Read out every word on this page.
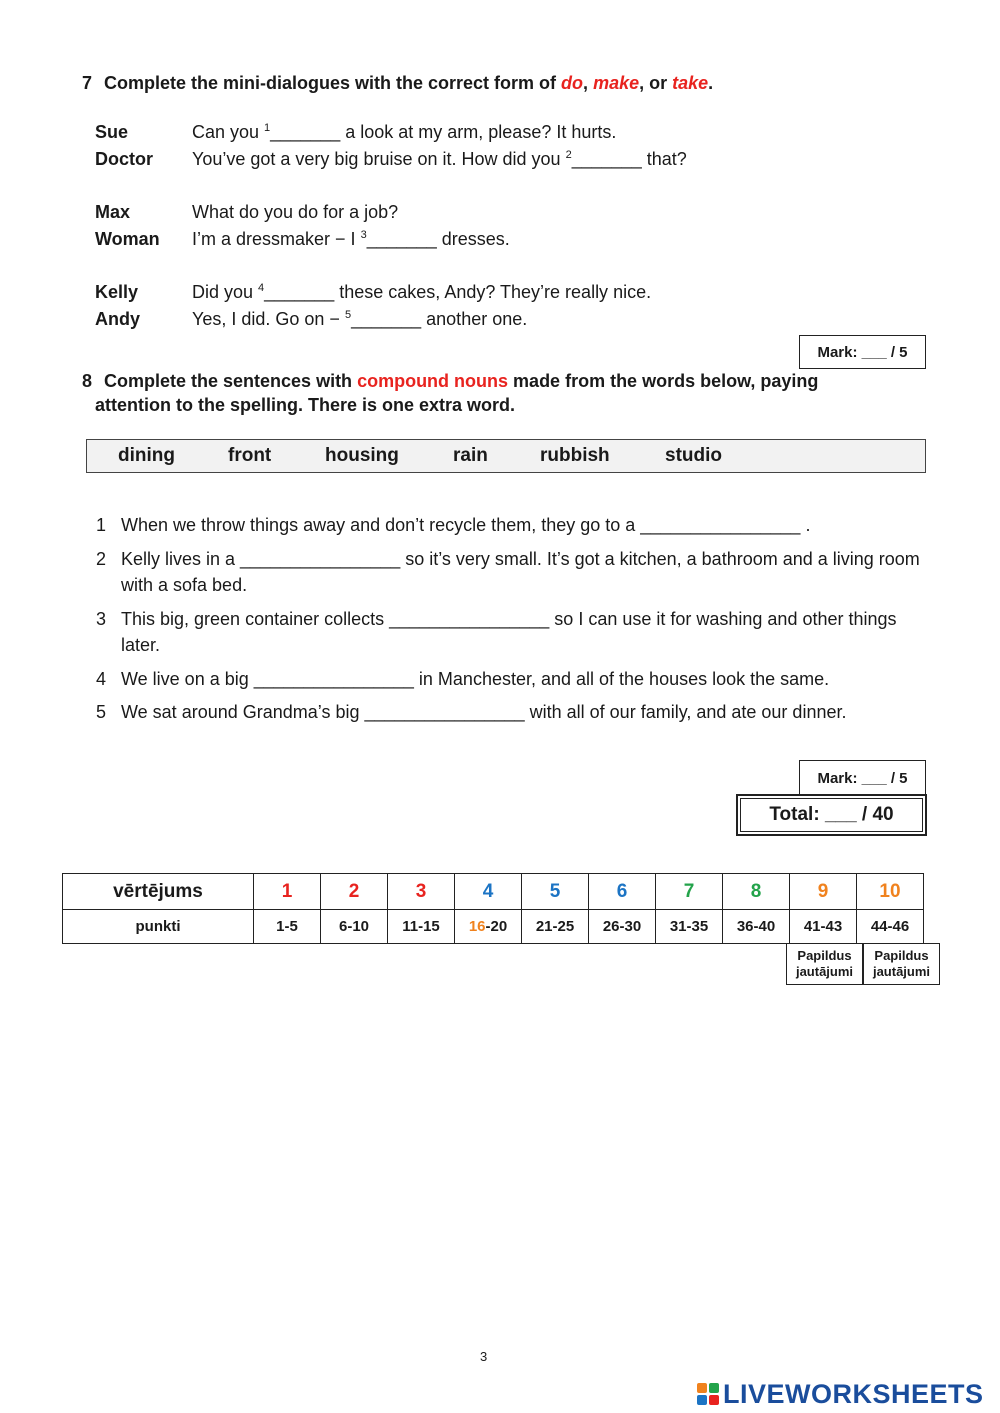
7 Complete the mini-dialogues with the correct form of do, make, or take.
Sue	Can you $^1$_______ a look at my arm, please? It hurts.
Doctor You’ve got a very big bruise on it. How did you $^2$_______ that?
Max	What do you do for a job?
Woman I’m a dressmaker − I $^3$_______ dresses.
Kelly	Did you $^4$_______ these cakes, Andy? They’re really nice.
Andy	Yes, I did. Go on − $^5$_______ another one.
Mark: ___ / 5
8 Complete the sentences with compound nouns made from the words below, paying
attention to the spelling. There is one extra word.
dining	front	housing	rain	rubbish	studio
1 When we throw things away and don’t recycle them, they go to a ________________ .
2 Kelly lives in a ________________ so it’s very small. It’s got a kitchen, a bathroom and a living room with a sofa bed.
3 This big, green container collects ________________ so I can use it for washing and other things later.
4 We live on a big ________________ in Manchester, and all of the houses look the same.
5 We sat around Grandma’s big ________________ with all of our family, and ate our dinner.
Mark: ___ / 5
Total: ___ / 40
vērtējums	1	2	3	4	5	6	7	8	9	10
punkti	1-5	6-10	11-15	16-20	21-25	26-30	31-35	36-40	41-43	44-46
Papildus
jautājumi
Papildus
jautājumi
3
LIVEWORKSHEETS
